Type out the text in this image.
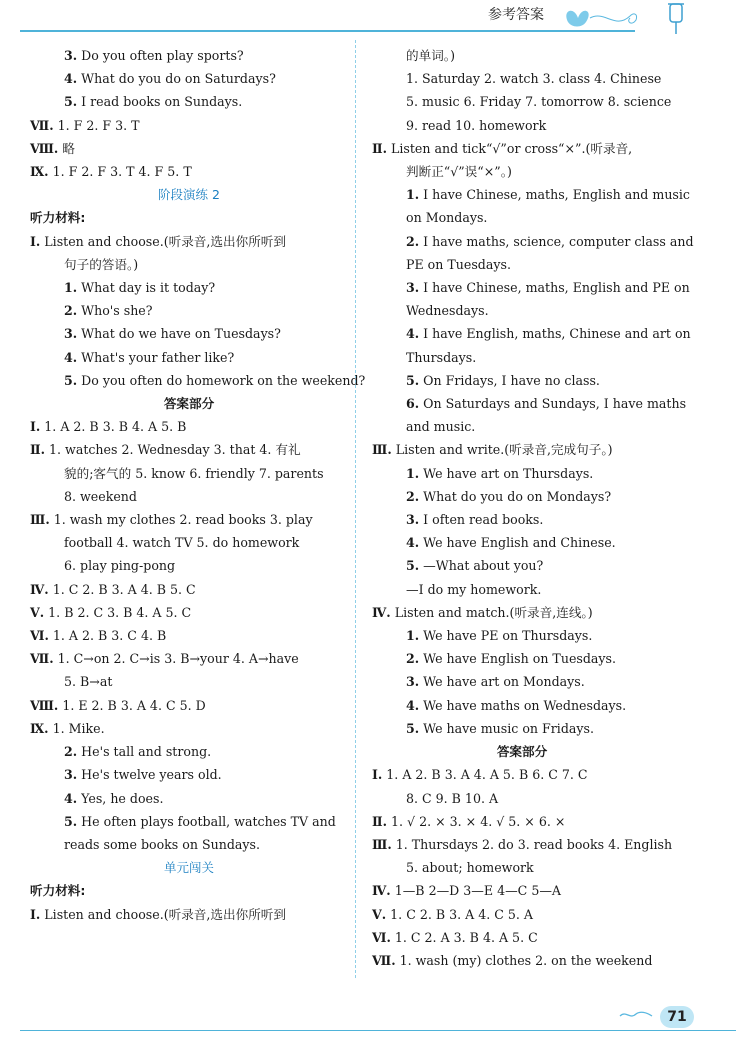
参考答案
3. Do you often play sports?
4. What do you do on Saturdays?
5. I read books on Sundays.
Ⅶ. 1. F 2. F 3. T
Ⅷ. 略
Ⅸ. 1. F 2. F 3. T 4. F 5. T
阶段演练 2
听力材料:
Ⅰ. Listen and choose.(听录音,选出你所听到
句子的答语。)
1. What day is it today?
2. Who's she?
3. What do we have on Tuesdays?
4. What's your father like?
5. Do you often do homework on the weekend?
答案部分
Ⅰ. 1. A 2. B 3. B 4. A 5. B
Ⅱ. 1. watches 2. Wednesday 3. that 4. 有礼
貌的;客气的 5. know 6. friendly 7. parents
8. weekend
Ⅲ. 1. wash my clothes 2. read books 3. play
football 4. watch TV 5. do homework
6. play ping-pong
Ⅳ. 1. C 2. B 3. A 4. B 5. C
Ⅴ. 1. B 2. C 3. B 4. A 5. C
Ⅵ. 1. A 2. B 3. C 4. B
Ⅶ. 1. C→on 2. C→is 3. B→your 4. A→have
5. B→at
Ⅷ. 1. E 2. B 3. A 4. C 5. D
Ⅸ. 1. Mike.
2. He's tall and strong.
3. He's twelve years old.
4. Yes, he does.
5. He often plays football, watches TV and
reads some books on Sundays.
单元闯关
听力材料:
Ⅰ. Listen and choose.(听录音,选出你所听到
的单词。)
1. Saturday 2. watch 3. class 4. Chinese
5. music 6. Friday 7. tomorrow 8. science
9. read 10. homework
Ⅱ. Listen and tick“√”or cross“×”.(听录音,
判断正“√”误“×”。)
1. I have Chinese, maths, English and music
on Mondays.
2. I have maths, science, computer class and
PE on Tuesdays.
3. I have Chinese, maths, English and PE on
Wednesdays.
4. I have English, maths, Chinese and art on
Thursdays.
5. On Fridays, I have no class.
6. On Saturdays and Sundays, I have maths
and music.
Ⅲ. Listen and write.(听录音,完成句子。)
1. We have art on Thursdays.
2. What do you do on Mondays?
3. I often read books.
4. We have English and Chinese.
5. —What about you?
—I do my homework.
Ⅳ. Listen and match.(听录音,连线。)
1. We have PE on Thursdays.
2. We have English on Tuesdays.
3. We have art on Mondays.
4. We have maths on Wednesdays.
5. We have music on Fridays.
答案部分
Ⅰ. 1. A 2. B 3. A 4. A 5. B 6. C 7. C
8. C 9. B 10. A
Ⅱ. 1. √ 2. × 3. × 4. √ 5. × 6. ×
Ⅲ. 1. Thursdays 2. do 3. read books 4. English
5. about; homework
Ⅳ. 1—B 2—D 3—E 4—C 5—A
Ⅴ. 1. C 2. B 3. A 4. C 5. A
Ⅵ. 1. C 2. A 3. B 4. A 5. C
Ⅶ. 1. wash (my) clothes 2. on the weekend
71
